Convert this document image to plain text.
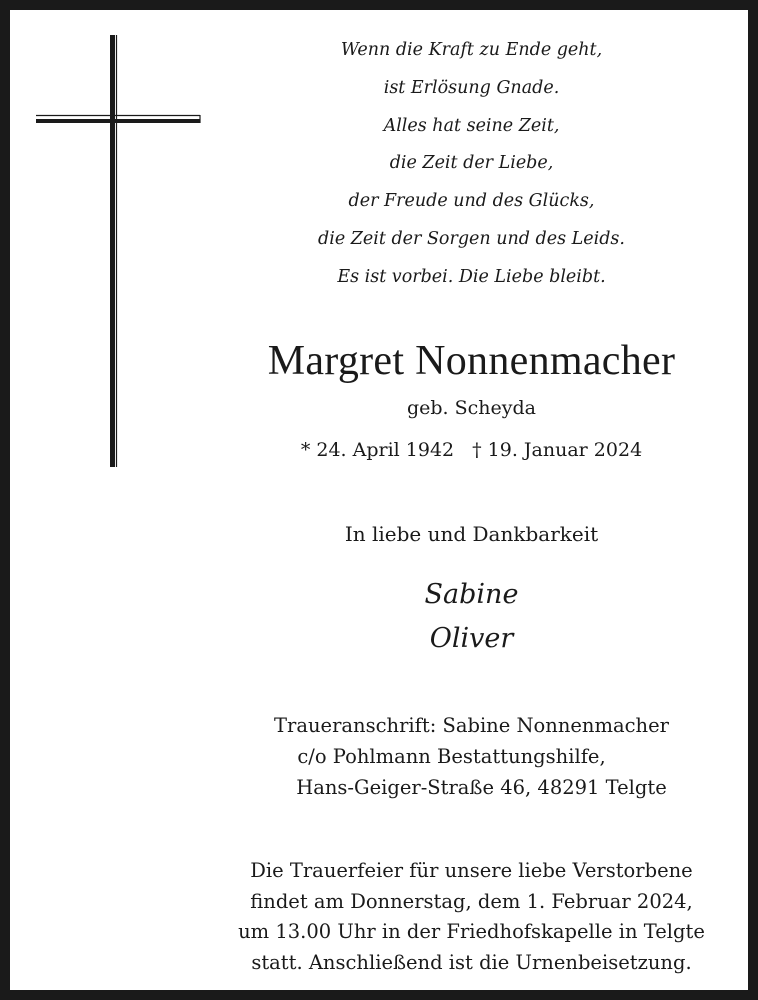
Wenn die Kraft zu Ende geht,
ist Erlösung Gnade.
Alles hat seine Zeit,
die Zeit der Liebe,
der Freude und des Glücks,
die Zeit der Sorgen und des Leids.
Es ist vorbei. Die Liebe bleibt.
Margret Nonnenmacher
geb. Scheyda
* 24. April 1942 † 19. Januar 2024
In liebe und Dankbarkeit
Sabine
Oliver
Traueranschrift: Sabine Nonnenmacher
c/o Pohlmann Bestattungshilfe,
Hans-Geiger-Straße 46, 48291 Telgte
Die Trauerfeier für unsere liebe Verstorbene
findet am Donnerstag, dem 1. Februar 2024,
um 13.00 Uhr in der Friedhofskapelle in Telgte
statt. Anschließend ist die Urnenbeisetzung.
